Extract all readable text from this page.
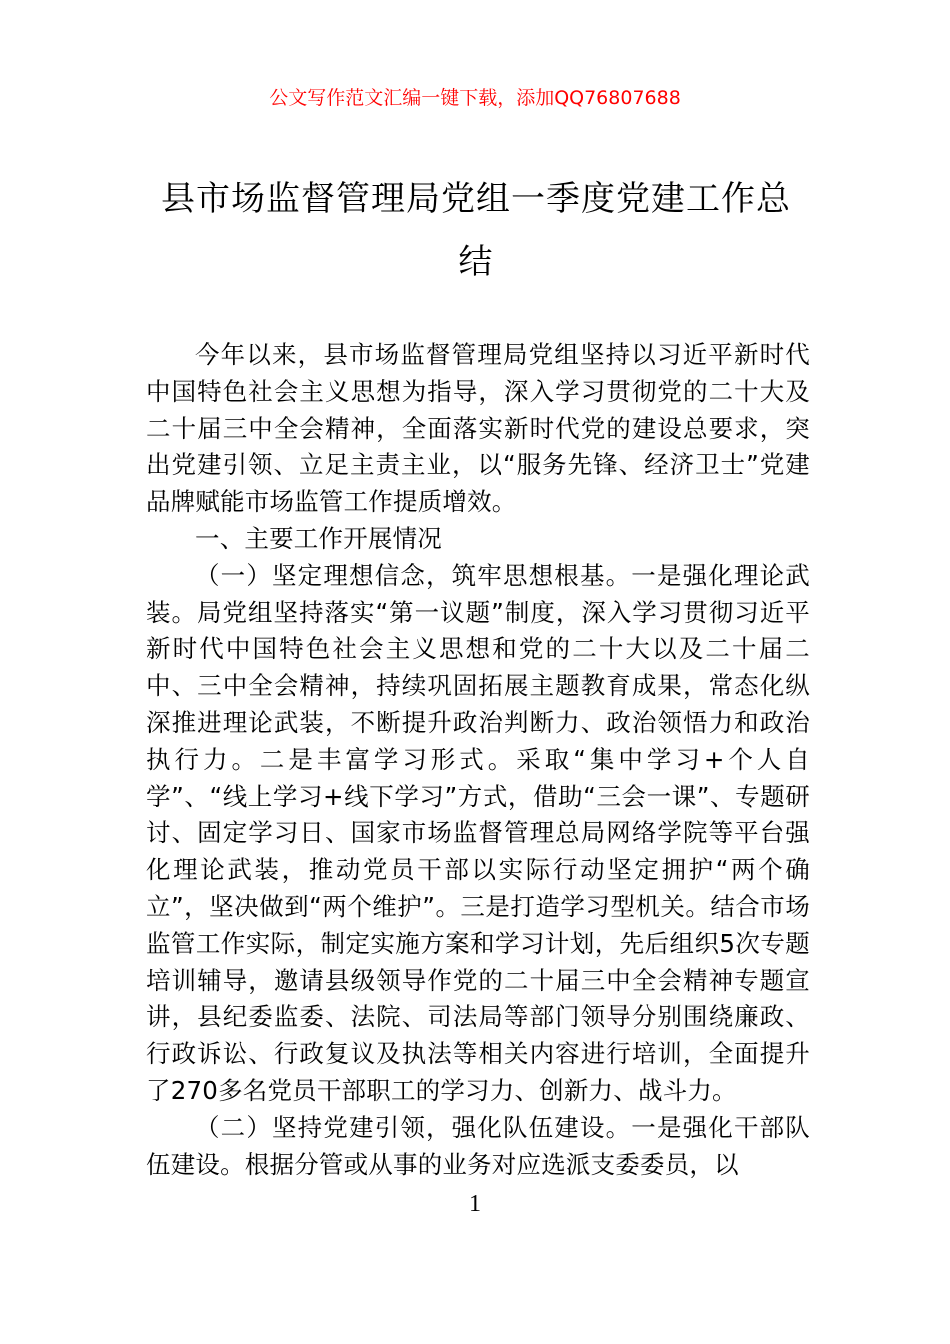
公文写作范文汇编一键下载，添加QQ76807688
县市场监督管理局党组一季度党建工作总结

今年以来，县市场监督管理局党组坚持以习近平新时代中国特色社会主义思想为指导，深入学习贯彻党的二十大及二十届三中全会精神，全面落实新时代党的建设总要求，突出党建引领、立足主责主业，以“服务先锋、经济卫士”党建品牌赋能市场监管工作提质增效。

一、主要工作开展情况

（一）坚定理想信念，筑牢思想根基。一是强化理论武装。局党组坚持落实“第一议题”制度，深入学习贯彻习近平新时代中国特色社会主义思想和党的二十大以及二十届二中、三中全会精神，持续巩固拓展主题教育成果，常态化纵深推进理论武装，不断提升政治判断力、政治领悟力和政治执行力。二是丰富学习形式。采取“集中学习+个人自学”、“线上学习+线下学习”方式，借助“三会一课”、专题研讨、固定学习日、国家市场监督管理总局网络学院等平台强化理论武装，推动党员干部以实际行动坚定拥护“两个确立”，坚决做到“两个维护”。三是打造学习型机关。结合市场监管工作实际，制定实施方案和学习计划，先后组织5次专题培训辅导，邀请县级领导作党的二十届三中全会精神专题宣讲，县纪委监委、法院、司法局等部门领导分别围绕廉政、行政诉讼、行政复议及执法等相关内容进行培训，全面提升了270多名党员干部职工的学习力、创新力、战斗力。

（二）坚持党建引领，强化队伍建设。一是强化干部队伍建设。根据分管或从事的业务对应选派支委委员，以

1
